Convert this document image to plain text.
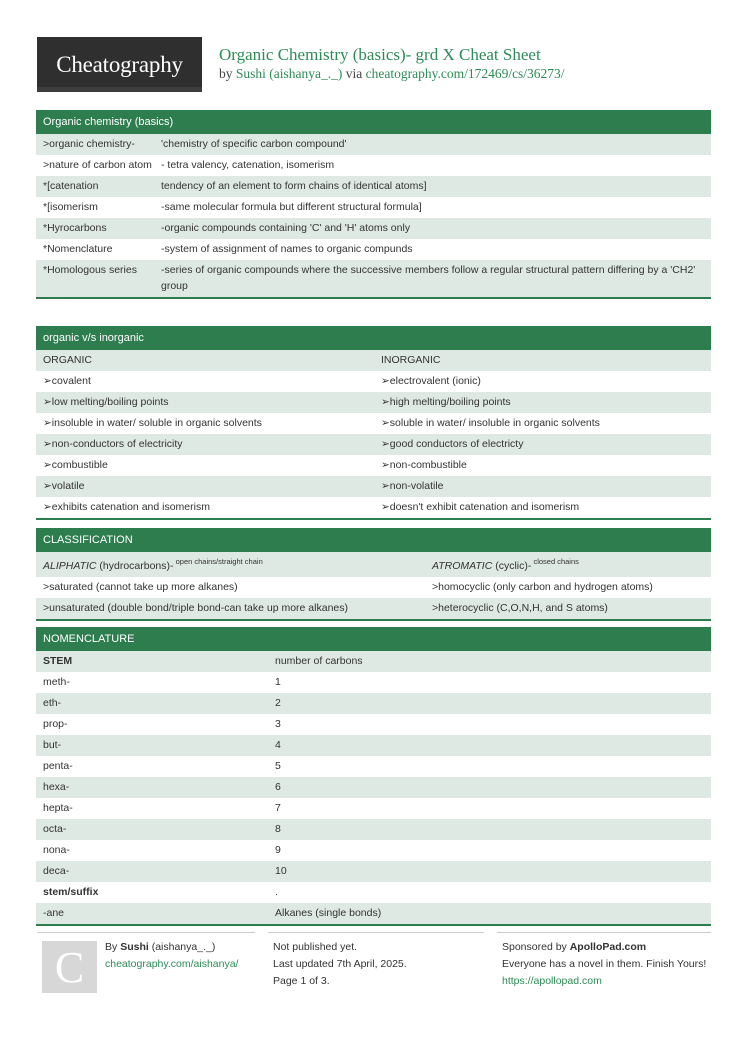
Cheatography Organic Chemistry (basics)- grd X Cheat Sheet
by Sushi (aishanya_._) via cheatography.com/172469/cs/36273/
Organic chemistry (basics)
>organic chemistry-	'chemistry of specific carbon compound'
>nature of carbon atom - tetra valency, catenation, isomerism
*[catenation	tendency of an element to form chains of identical atoms]
*[isomerism	-same molecular formula but different structural formula]
*Hyrocarbons	-organic compounds containing 'C' and 'H' atoms only
*Nomenclature	-system of assignment of names to organic compunds
*Homologous series	-series of organic compounds where the successive members follow a regular structural pattern differing by a 'CH2' group
organic v/s inorganic
ORGANIC	INORGANIC
➢covalent	➢electrovalent (ionic)
➢low melting/boiling points	➢high melting/boiling points
➢insoluble in water/ soluble in organic solvents	➢soluble in water/ insoluble in organic solvents
➢non-conductors of electricity	➢good conductors of electricty
➢combustible	➢non-combustible
➢volatile	➢non-volatile
➢exhibits catenation and isomerism	➢doesn't exhibit catenation and isomerism
CLASSIFICATION
ALIPHATIC (hydrocarbons)- $^{open chains/straight chain}$	ATROMATIC (cyclic)- $^{closed chains}$
>saturated (cannot take up more alkanes)	>homocyclic (only carbon and hydrogen atoms)
>unsaturated (double bond/triple bond-can take up more alkanes)	>heterocyclic (C,O,N,H, and S atoms)
NOMENCLATURE
STEM	number of carbons
meth-	1
eth-	2
prop-	3
but-	4
penta-	5
hexa-	6
hepta-	7
octa-	8
nona-	9
deca-	10
stem/suffix	.
-ane	Alkanes (single bonds)
C By Sushi (aishanya_._)
cheatography.com/aishanya/
Not published yet.
Last updated 7th April, 2025.
Page 1 of 3.
Sponsored by ApolloPad.com
Everyone has a novel in them. Finish Yours!
https://apollopad.com
